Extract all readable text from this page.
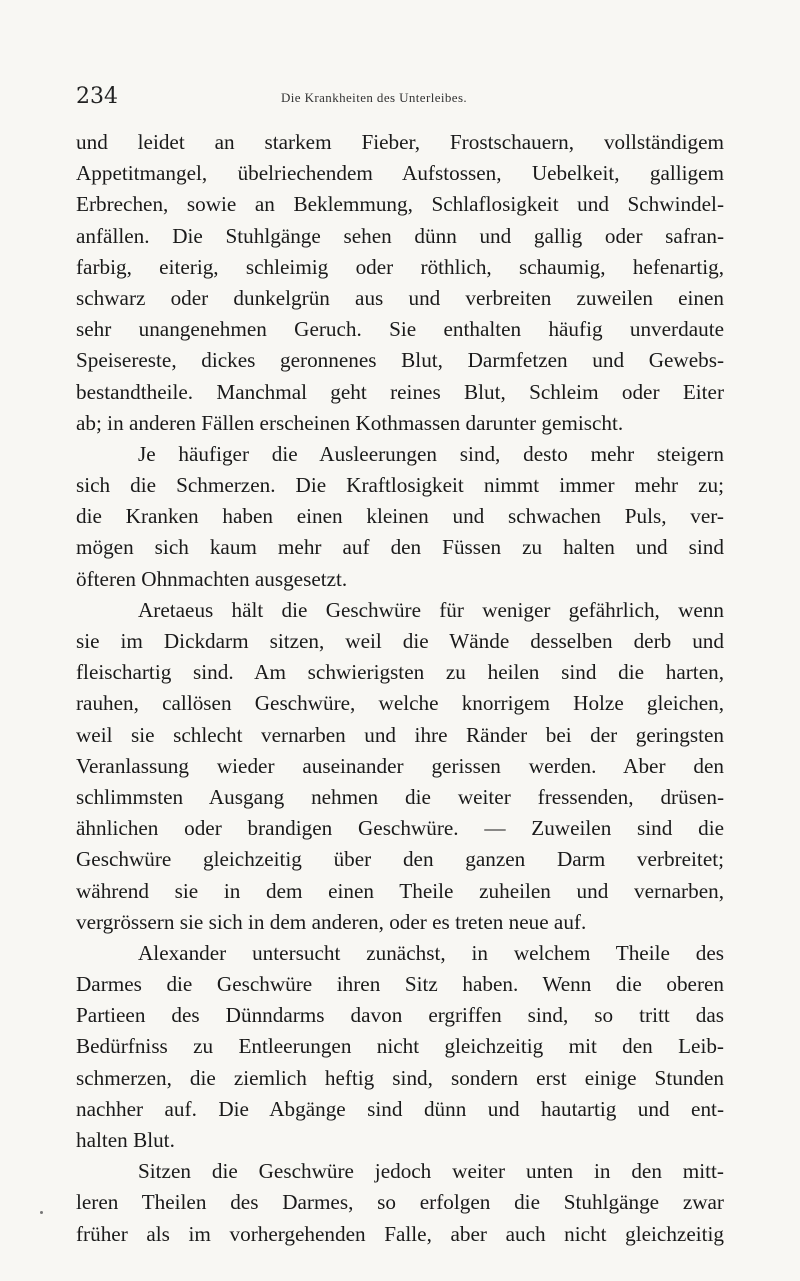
234	Die Krankheiten des Unterleibes.
und leidet an starkem Fieber, Frostschauern, vollständigem
Appetitmangel, übelriechendem Aufstossen, Uebelkeit, galligem
Erbrechen, sowie an Beklemmung, Schlaflosigkeit und Schwindel-
anfällen. Die Stuhlgänge sehen dünn und gallig oder safran-
farbig, eiterig, schleimig oder röthlich, schaumig, hefenartig,
schwarz oder dunkelgrün aus und verbreiten zuweilen einen
sehr unangenehmen Geruch. Sie enthalten häufig unverdaute
Speisereste, dickes geronnenes Blut, Darmfetzen und Gewebs-
bestandtheile. Manchmal geht reines Blut, Schleim oder Eiter
ab; in anderen Fällen erscheinen Kothmassen darunter gemischt.
Je häufiger die Ausleerungen sind, desto mehr steigern
sich die Schmerzen. Die Kraftlosigkeit nimmt immer mehr zu;
die Kranken haben einen kleinen und schwachen Puls, ver-
mögen sich kaum mehr auf den Füssen zu halten und sind
öfteren Ohnmachten ausgesetzt.
Aretaeus hält die Geschwüre für weniger gefährlich, wenn
sie im Dickdarm sitzen, weil die Wände desselben derb und
fleischartig sind. Am schwierigsten zu heilen sind die harten,
rauhen, callösen Geschwüre, welche knorrigem Holze gleichen,
weil sie schlecht vernarben und ihre Ränder bei der geringsten
Veranlassung wieder auseinander gerissen werden. Aber den
schlimmsten Ausgang nehmen die weiter fressenden, drüsen-
ähnlichen oder brandigen Geschwüre. — Zuweilen sind die
Geschwüre gleichzeitig über den ganzen Darm verbreitet;
während sie in dem einen Theile zuheilen und vernarben,
vergrössern sie sich in dem anderen, oder es treten neue auf.
Alexander untersucht zunächst, in welchem Theile des
Darmes die Geschwüre ihren Sitz haben. Wenn die oberen
Partieen des Dünndarms davon ergriffen sind, so tritt das
Bedürfniss zu Entleerungen nicht gleichzeitig mit den Leib-
schmerzen, die ziemlich heftig sind, sondern erst einige Stunden
nachher auf. Die Abgänge sind dünn und hautartig und ent-
halten Blut.
Sitzen die Geschwüre jedoch weiter unten in den mitt-
leren Theilen des Darmes, so erfolgen die Stuhlgänge zwar
früher als im vorhergehenden Falle, aber auch nicht gleichzeitig
